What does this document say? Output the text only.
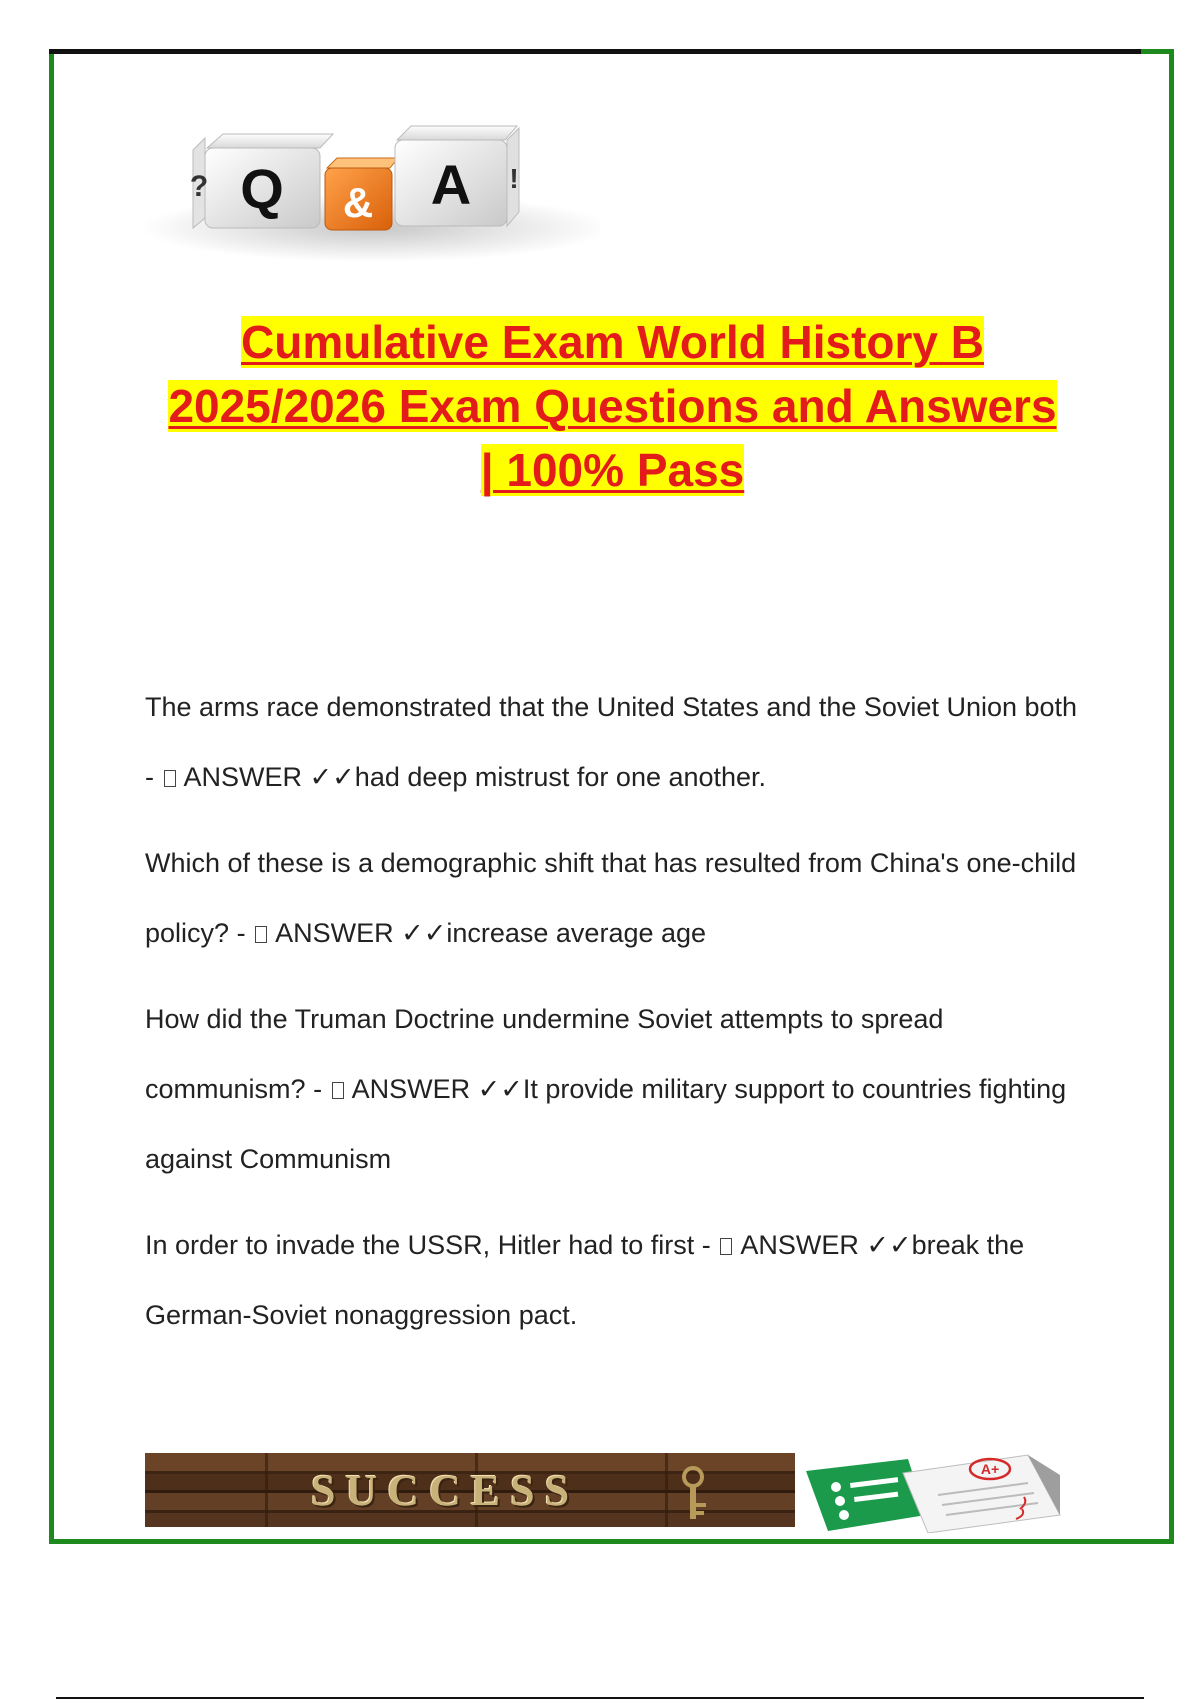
Q
?	& A !
Cumulative Exam World History B
2025/2026 Exam Questions and Answers
| 100% Pass
The arms race demonstrated that the United States and the Soviet Union both - ANSWER ✓✓had deep mistrust for one another.
Which of these is a demographic shift that has resulted from China's one-child policy? - ANSWER ✓✓increase average age
How did the Truman Doctrine undermine Soviet attempts to spread communism? - ANSWER ✓✓It provide military support to countries fighting against Communism
In order to invade the USSR, Hitler had to first - ANSWER ✓✓break the German-Soviet nonaggression pact.
SUCCESS	A+
